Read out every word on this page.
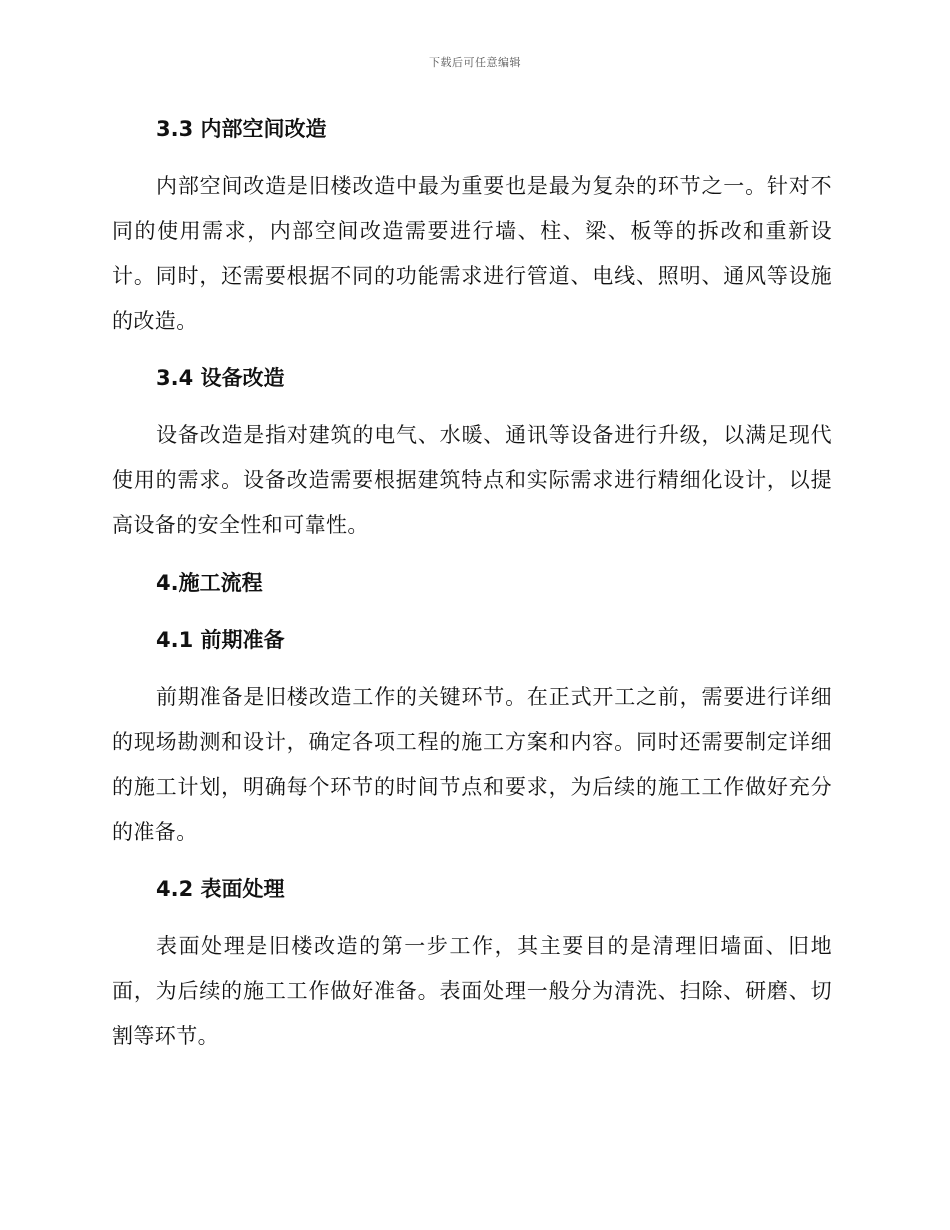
下载后可任意编辑
3.3 内部空间改造

内部空间改造是旧楼改造中最为重要也是最为复杂的环节之一。针对不同的使用需求，内部空间改造需要进行墙、柱、梁、板等的拆改和重新设计。同时，还需要根据不同的功能需求进行管道、电线、照明、通风等设施的改造。

3.4 设备改造

设备改造是指对建筑的电气、水暖、通讯等设备进行升级，以满足现代使用的需求。设备改造需要根据建筑特点和实际需求进行精细化设计，以提高设备的安全性和可靠性。

4.施工流程
4.1 前期准备

前期准备是旧楼改造工作的关键环节。在正式开工之前，需要进行详细的现场勘测和设计，确定各项工程的施工方案和内容。同时还需要制定详细的施工计划，明确每个环节的时间节点和要求，为后续的施工工作做好充分的准备。

4.2 表面处理

表面处理是旧楼改造的第一步工作，其主要目的是清理旧墙面、旧地面，为后续的施工工作做好准备。表面处理一般分为清洗、扫除、研磨、切割等环节。
